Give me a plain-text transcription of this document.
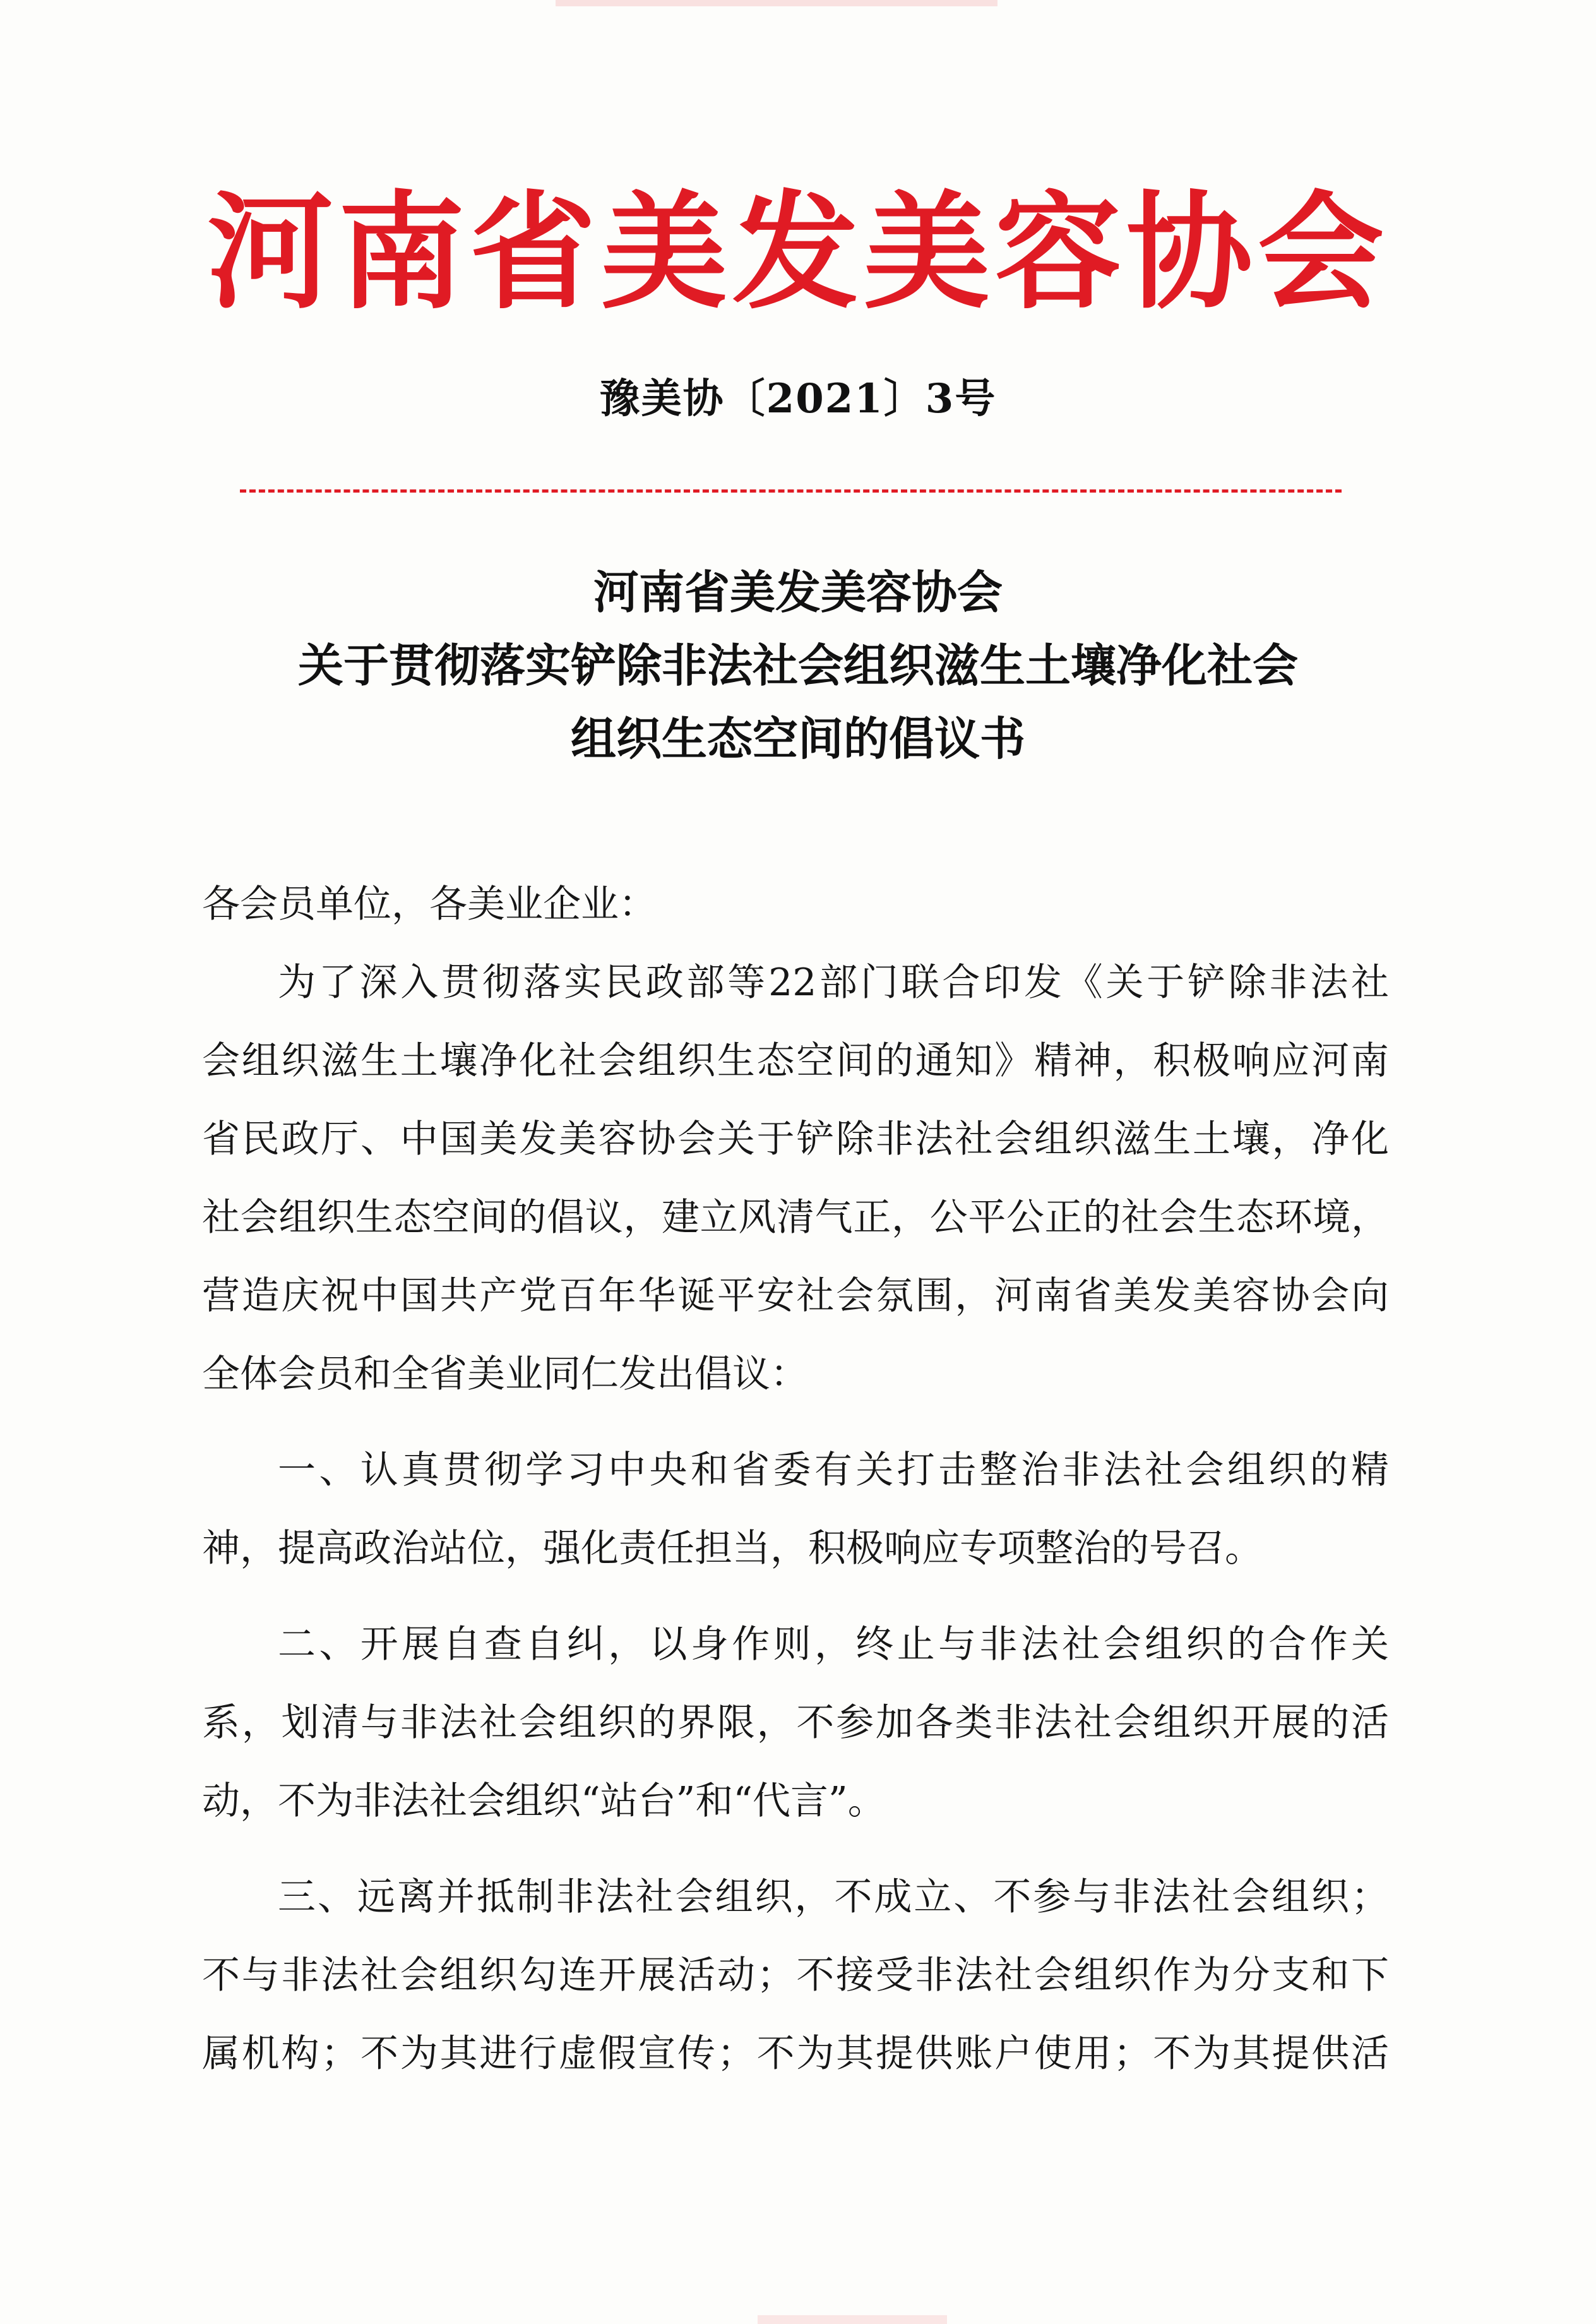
河南省美发美容协会
豫美协〔2021〕3号
河南省美发美容协会
关于贯彻落实铲除非法社会组织滋生土壤净化社会
组织生态空间的倡议书
各会员单位，各美业企业：
为了深入贯彻落实民政部等22部门联合印发《关于铲除非法社
会组织滋生土壤净化社会组织生态空间的通知》精神，积极响应河南
省民政厅、中国美发美容协会关于铲除非法社会组织滋生土壤，净化
社会组织生态空间的倡议，建立风清气正，公平公正的社会生态环境，
营造庆祝中国共产党百年华诞平安社会氛围，河南省美发美容协会向
全体会员和全省美业同仁发出倡议：
一、认真贯彻学习中央和省委有关打击整治非法社会组织的精
神，提高政治站位，强化责任担当，积极响应专项整治的号召。
二、开展自查自纠，以身作则，终止与非法社会组织的合作关
系，划清与非法社会组织的界限，不参加各类非法社会组织开展的活
动，不为非法社会组织“站台”和“代言”。
三、远离并抵制非法社会组织，不成立、不参与非法社会组织；
不与非法社会组织勾连开展活动；不接受非法社会组织作为分支和下
属机构；不为其进行虚假宣传；不为其提供账户使用；不为其提供活
